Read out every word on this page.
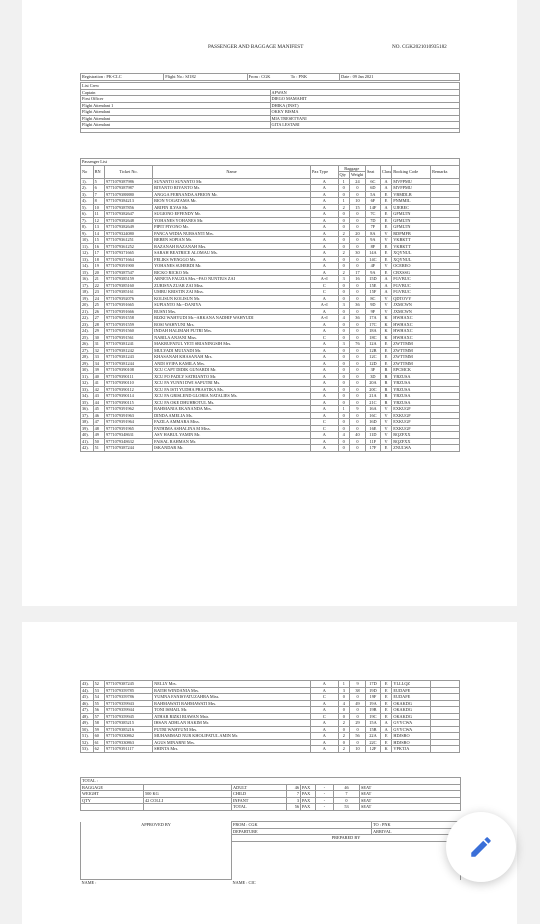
PASSENGER AND BAGGAGE MANIFEST	NO. CGK2021010935182
Registration : PK-CLC	Flight No.: SJ182	From : CGK	To : PNK	Date : 09 Jan 2021
List Crew	
Captain	AFWAN
First Officer	DIEGO MAMAHIT
Flight Attendant 1	DHIKA (INST)
Flight Attendant	OKKY BISMA
Flight Attendant	MIA TRESETYANI
Flight Attendant	GITA LESTARI

Passenger List										
No	BN	Ticket No.	Name	Pax Type	Baggage		Seat	Class	Booking Code	Remarks
					Qty	Weight				
1).	5	9771079387986	SUYANTO SUYANTO Mr.	A	1	24	6C	A	MVFPMU	
2).	6	9771079387987	RIYANTO RIYANTO Mr.	A	0	0	6D	A	MVFPMU	
3).	7	9771079388880	ANGGA FERNANDA AFRION Mr.	A	0	0	5A	E	VBMDLB	
4).	8	9771079384213	RION YOGATAMA Mr.	A	1	10	6F	E	PNMMIL	
5).	10	9771079387856	ARIFIN ILYAS Mr.	A	2	15	14F	A	UJEBEC	
6).	11	9771079382647	SUGIONO EFFENDY Mr.	A	0	0	7C	E	GFMLTN	
7).	12	9771079382648	YOHANES YOHANES Mr.	A	0	0	7D	E	GFMLTN	
8).	13	9771079382649	PIPIT PIYONO Mr.	A	0	0	7F	E	GFMLTN	
9).	14	9771079324080	PANCA WIDIA NURSANTI Mrs.	A	2	20	8A	V	RDPMFB	
10).	15	9771079361251	BEBEN SOPIAN Mr.	A	0	0	9A	V	VKBKTT	
11).	16	9771079361252	RAZANAH RAZANAH Mrs.	A	0	0	8F	E	VKBKTT	
12).	17	9771079371665	SARAH BEATRICE ALOMAU Ms.	A	2	30	14A	E	XQYNUL	
13).	18	9771079371664	FELIKS WENGGO Mr.	A	0	0	14C	E	XQYNUL	
14).	19	9771079391900	YOHANES SUHERDI Mr.	A	0	0	4F	V	OCEREO	
15).	20	9771079387547	RICKO RICKO Mr.	A	2	17	9A	E	CBXSSG	
16).	21	9771079385159	ARNETA FAUZIA Mrs.~FAO NUNTIUS ZAI	A+I	3	16	15D	A	FGVBUC	
17).	22	9771079385160	ZURISYA ZUAR ZAI Miss.	C	0	0	15E	A	FGVBUC	
18).	23	9771079385161	UMBU KRISTIN ZAI Miss.	C	0	0	15F	A	FGVBUC	
19).	24	9771079392076	KOLISUN KOLISUN Mr.	A	0	0	8C	V	QDTOVY	
20).	25	9771079391665	SUPIANTO Mr.~DANIYA	A+I	3	36	9D	V	JXMCWN	
21).	26	9771079391666	RUSNI Mrs.	A	0	0	9F	V	JXMCWN	
22).	27	9771079391558	RIZKI WAHYUDI Mr.~ARKANA NADHIF WAHYUDI	A+I	4	36	17A	K	HWHAXC	
23).	28	9771079391559	ROSI WAHYUNI Mrs.	A	0	0	17C	K	HWHAXC	
24).	29	9771079391560	INDAH HALIMAH PUTRI Mrs.	A	0	0	18A	K	HWHAXC	
25).	30	9771079391561	NABILA ANJANI Miss.	C	0	0	18C	K	HWHAXC	
26).	31	9771079381241	MAKRUFATUL YETI SRIANINGSIH Mrs.	A	3	76	12A	E	ZWTTMM	
27).	32	9771079381242	MULYADI MULYADI Mr.	A	0	0	12B	E	ZWTTMM	
28).	33	9771079381243	KHASANAH KHASANAH Mrs.	A	0	0	12C	E	ZWTTMM	
29).	34	9771079381244	ANDI SYIFA KAMILA Mrs.	A	0	0	12D	E	ZWTTMM	
30).	39	9771079390108	XCU CAPT DIDIK GUNARDI Mr.	A	0	0	3F	R	EPCMCK	
31).	40	9771079390111	XCU FO FADLY SATRIANTO Mr.	A	0	0	3D	R	YBZUSA	
32).	41	9771079390110	XCU FA YUNNI DWI SAPUTRI Ms.	A	0	0	20A	R	YBZUSA	
33).	42	9771079390112	XCU FA ISTI YUDHA PRASTIKA Ms.	A	0	0	20C	R	YBZUSA	
34).	43	9771079390114	XCU FA GRISLEND GLORIA NATALIES Ms.	A	0	0	21A	R	YBZUSA	
35).	44	9771079390115	XCU FA OKE DHUHROTUL Ms.	A	0	0	21C	R	YBZUSA	
36).	45	9771079391962	RAHMANIA EKANANDA Mrs.	A	1	9	16A	V	EXKUGF	
37).	46	9771079391963	DINDA AMELIA Ms.	A	0	0	16C	V	EXKUGF	
38).	47	9771079391964	FAZILA AMMARA Miss.	C	0	0	16D	V	EXKUGF	
39).	48	9771079391965	FATHIMA ASHALINA M Miss.	C	0	0	16E	V	EXKUGF	
40).	49	9771079348631	ASY HABUL YAMIN Mr.	A	4	40	11D	V	RQZFXX	
41).	50	9771079348632	FAISAL RAHMAN Mr.	A	0	0	11F	V	RQZFXX	
42).	51	9771079387244	ISKANDAR Mr.	A	0	0	17F	E	ZNULWA	
43).	52	9771079387245	NELLY Mrs.	A	1	9	17D	E	YLLLQZ	
44).	53	9771079359785	RATIH WINDANIA Mrs.	A	3	38	19D	E	EUDAFE	
45).	54	9771079359786	YUMNA FANISYATUZAHRA Miss.	C	0	0	19F	E	EUDAFE	
46).	55	9771079359943	RAHMAWATI RAHMAWATI Mrs.	A	4	49	19A	E	OKAKDG	
47).	56	9771079359944	TONI ISMAIL Mr.	A	0	0	19B	E	OKAKDG	
48).	57	9771079359945	ATHAR RIZKI RIAWAN Mstr.	C	0	0	19C	E	OKAKDG	
49).	58	9771079385215	IHSAN ADHLAN HAKIM Mr.	A	2	29	15A	A	GVYCWA	
50).	59	9771079385216	PUTRI WAHYUNI Mrs.	A	0	0	15B	A	GVYCWA	
51).	60	9771079330862	MUHAMMAD NUR KHOLIFATUL AMIN Mr.	A	2	56	22A	E	HDJSRO	
52).	61	9771079330863	AGUS MINARNI Mrs.	A	0	0	22C	E	HDJSRO	
53).	62	9771079391117	SHINTA Mrs.	A	2	10	12F	K	VPKTJA	
TOTAL :							
BAGGAGE		ADULT	46	PAX	-	46	SEAT
WEIGHT	500 KG	CHILD	7	PAX	-	7	SEAT
QTY	42 COLLI	INFANT	3	PAX	-	0	SEAT
		TOTAL	56	PAX	-	53	SEAT
APPROVED BY	FROM : CGK	TO : PNK
	DEPARTURE	ARRIVAL
	PREPARED BY	

NAME :	NAME : CIC	
